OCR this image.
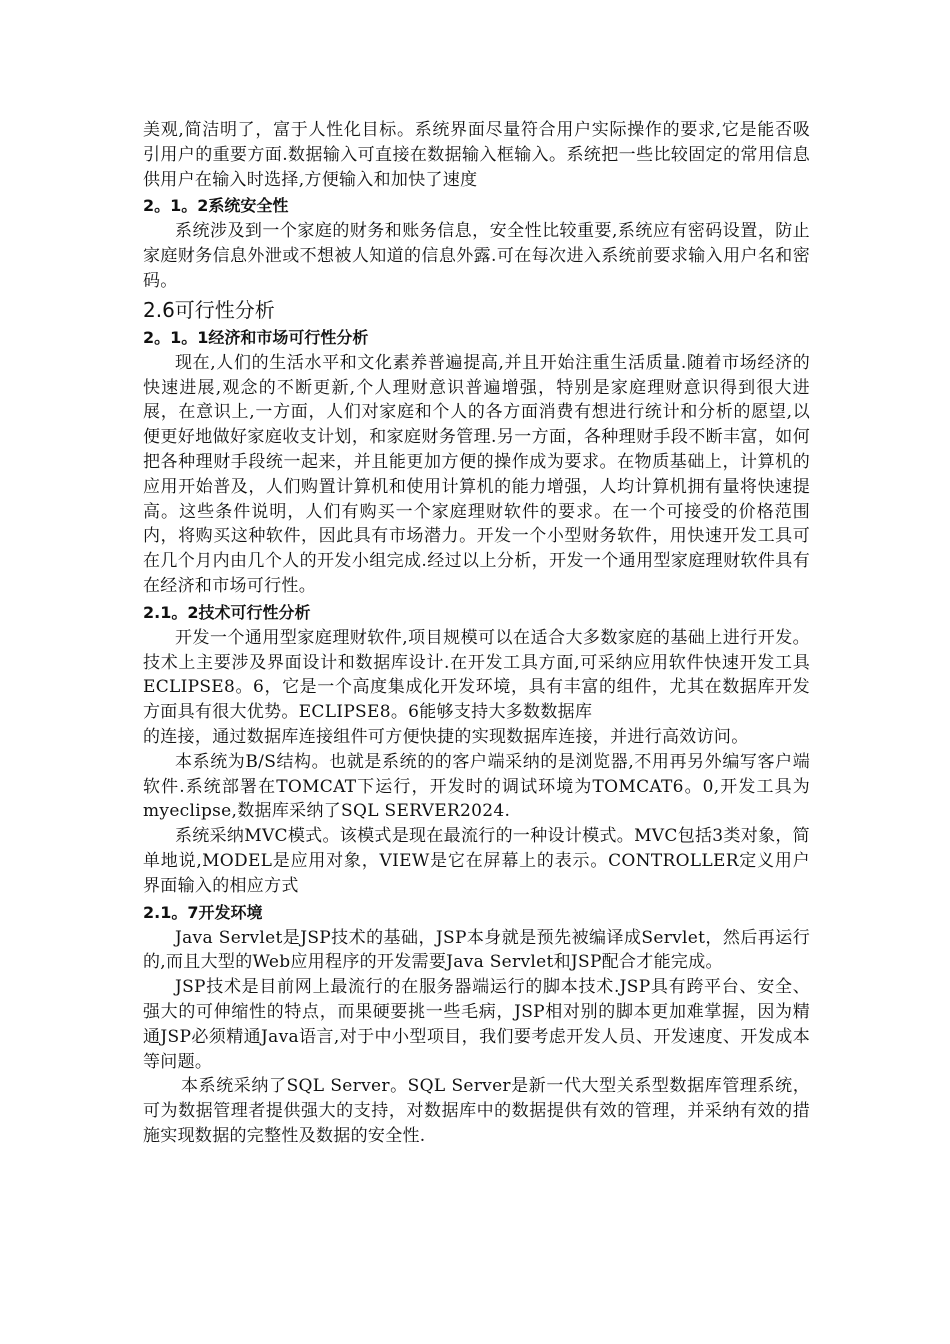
美观,简洁明了，富于人性化目标。系统界面尽量符合用户实际操作的要求,它是能否吸引用户的重要方面.数据输入可直接在数据输入框输入。系统把一些比较固定的常用信息供用户在输入时选择,方便输入和加快了速度

2。1。2系统安全性

系统涉及到一个家庭的财务和账务信息，安全性比较重要,系统应有密码设置，防止家庭财务信息外泄或不想被人知道的信息外露.可在每次进入系统前要求输入用户名和密码。

2.6可行性分析
2。1。1经济和市场可行性分析

现在,人们的生活水平和文化素养普遍提高,并且开始注重生活质量.随着市场经济的快速进展,观念的不断更新,个人理财意识普遍增强，特别是家庭理财意识得到很大进展，在意识上,一方面，人们对家庭和个人的各方面消费有想进行统计和分析的愿望,以便更好地做好家庭收支计划，和家庭财务管理.另一方面，各种理财手段不断丰富，如何把各种理财手段统一起来，并且能更加方便的操作成为要求。在物质基础上，计算机的应用开始普及，人们购置计算机和使用计算机的能力增强，人均计算机拥有量将快速提高。这些条件说明，人们有购买一个家庭理财软件的要求。在一个可接受的价格范围内，将购买这种软件，因此具有市场潜力。开发一个小型财务软件，用快速开发工具可在几个月内由几个人的开发小组完成.经过以上分析，开发一个通用型家庭理财软件具有在经济和市场可行性。

2.1。2技术可行性分析

开发一个通用型家庭理财软件,项目规模可以在适合大多数家庭的基础上进行开发。技术上主要涉及界面设计和数据库设计.在开发工具方面,可采纳应用软件快速开发工具ECLIPSE8。6，它是一个高度集成化开发环境，具有丰富的组件，尤其在数据库开发方面具有很大优势。ECLIPSE8。6能够支持大多数数据库

的连接，通过数据库连接组件可方便快捷的实现数据库连接，并进行高效访问。

本系统为B/S结构。也就是系统的的客户端采纳的是浏览器,不用再另外编写客户端软件.系统部署在TOMCAT下运行，开发时的调试环境为TOMCAT6。0,开发工具为myeclipse,数据库采纳了SQL SERVER2024.

系统采纳MVC模式。该模式是现在最流行的一种设计模式。MVC包括3类对象，简单地说,MODEL是应用对象，VIEW是它在屏幕上的表示。CONTROLLER定义用户界面输入的相应方式

2.1。7开发环境

Java Servlet是JSP技术的基础，JSP本身就是预先被编译成Servlet，然后再运行的,而且大型的Web应用程序的开发需要Java Servlet和JSP配合才能完成。

JSP技术是目前网上最流行的在服务器端运行的脚本技术.JSP具有跨平台、安全、强大的可伸缩性的特点，而果硬要挑一些毛病，JSP相对别的脚本更加难掌握，因为精通JSP必须精通Java语言,对于中小型项目，我们要考虑开发人员、开发速度、开发成本等问题。

本系统采纳了SQL Server。SQL Server是新一代大型关系型数据库管理系统，可为数据管理者提供强大的支持，对数据库中的数据提供有效的管理，并采纳有效的措施实现数据的完整性及数据的安全性.
